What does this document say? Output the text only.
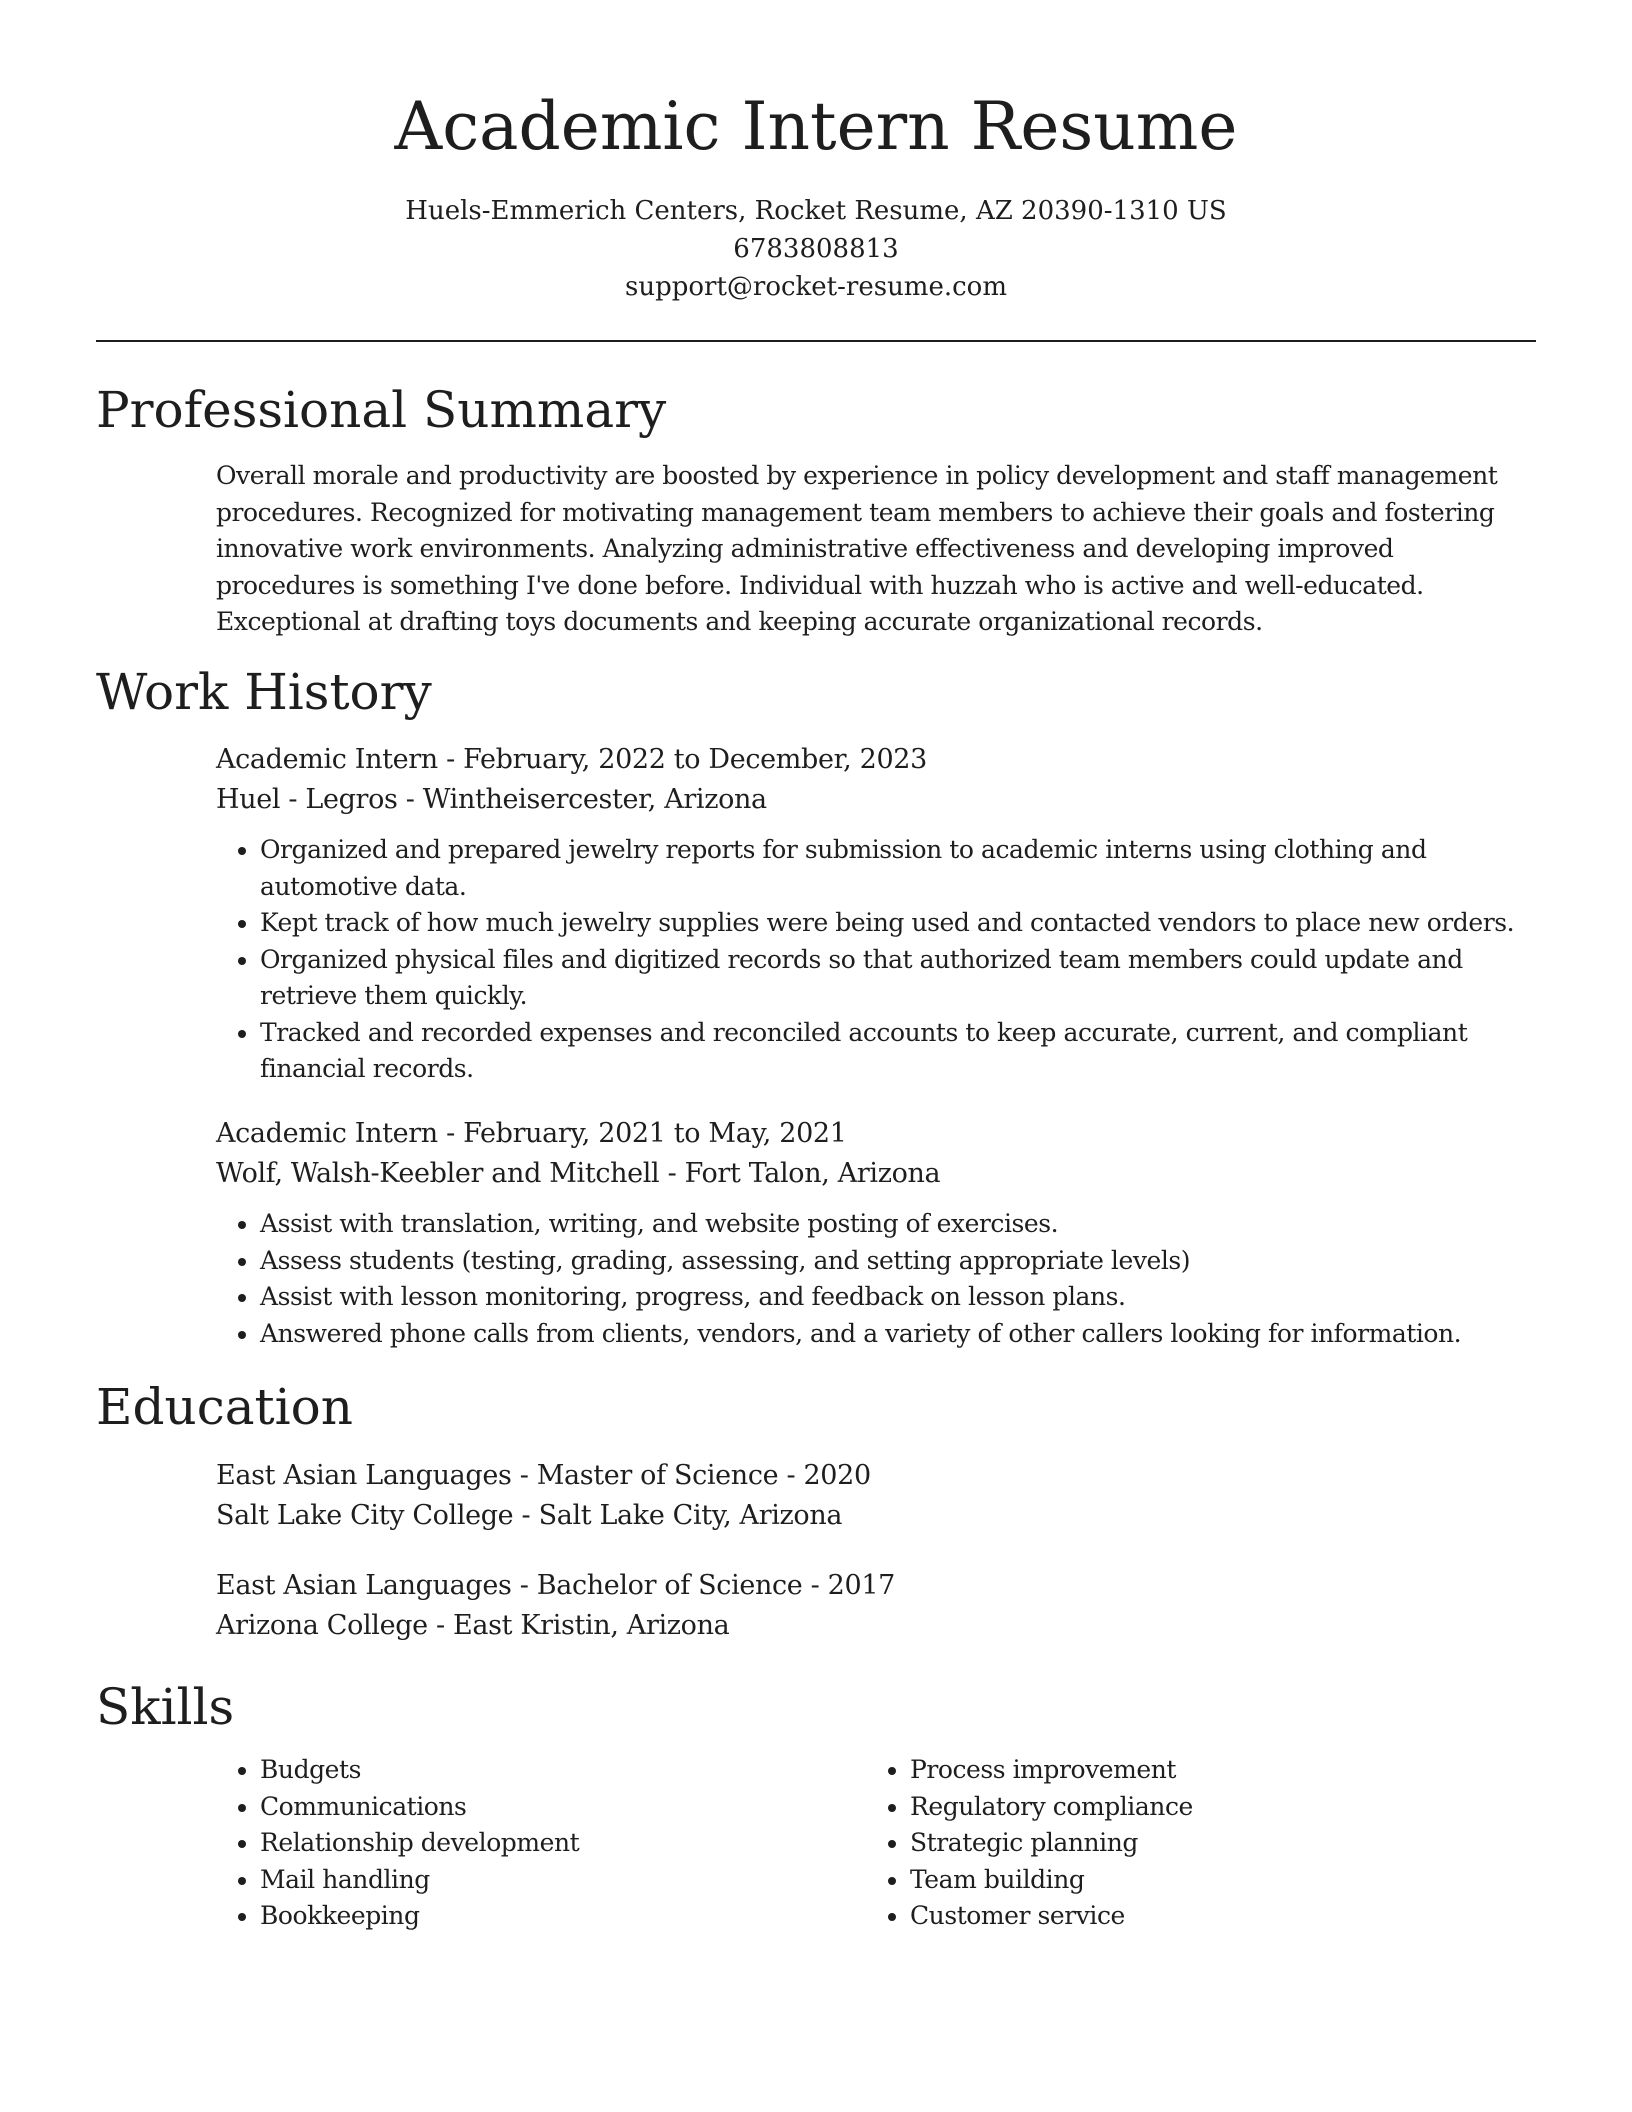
Academic Intern Resume
Huels-Emmerich Centers, Rocket Resume, AZ 20390-1310 US
6783808813
support@rocket-resume.com
Professional Summary

Overall morale and productivity are boosted by experience in policy development and staff management procedures. Recognized for motivating management team members to achieve their goals and fostering innovative work environments. Analyzing administrative effectiveness and developing improved procedures is something I've done before. Individual with huzzah who is active and well-educated. Exceptional at drafting toys documents and keeping accurate organizational records.

Work History
Academic Intern - February, 2022 to December, 2023
Huel - Legros - Wintheisercester, Arizona
• Organized and prepared jewelry reports for submission to academic interns using clothing and automotive data.
• Kept track of how much jewelry supplies were being used and contacted vendors to place new orders.
• Organized physical files and digitized records so that authorized team members could update and retrieve them quickly.
• Tracked and recorded expenses and reconciled accounts to keep accurate, current, and compliant financial records.
Academic Intern - February, 2021 to May, 2021
Wolf, Walsh-Keebler and Mitchell - Fort Talon, Arizona
• Assist with translation, writing, and website posting of exercises.
• Assess students (testing, grading, assessing, and setting appropriate levels)
• Assist with lesson monitoring, progress, and feedback on lesson plans.
• Answered phone calls from clients, vendors, and a variety of other callers looking for information.
Education
East Asian Languages - Master of Science - 2020
Salt Lake City College - Salt Lake City, Arizona
East Asian Languages - Bachelor of Science - 2017
Arizona College - East Kristin, Arizona
Skills
• Budgets
• Communications
• Relationship development
• Mail handling
• Bookkeeping
• Process improvement
• Regulatory compliance
• Strategic planning
• Team building
• Customer service
